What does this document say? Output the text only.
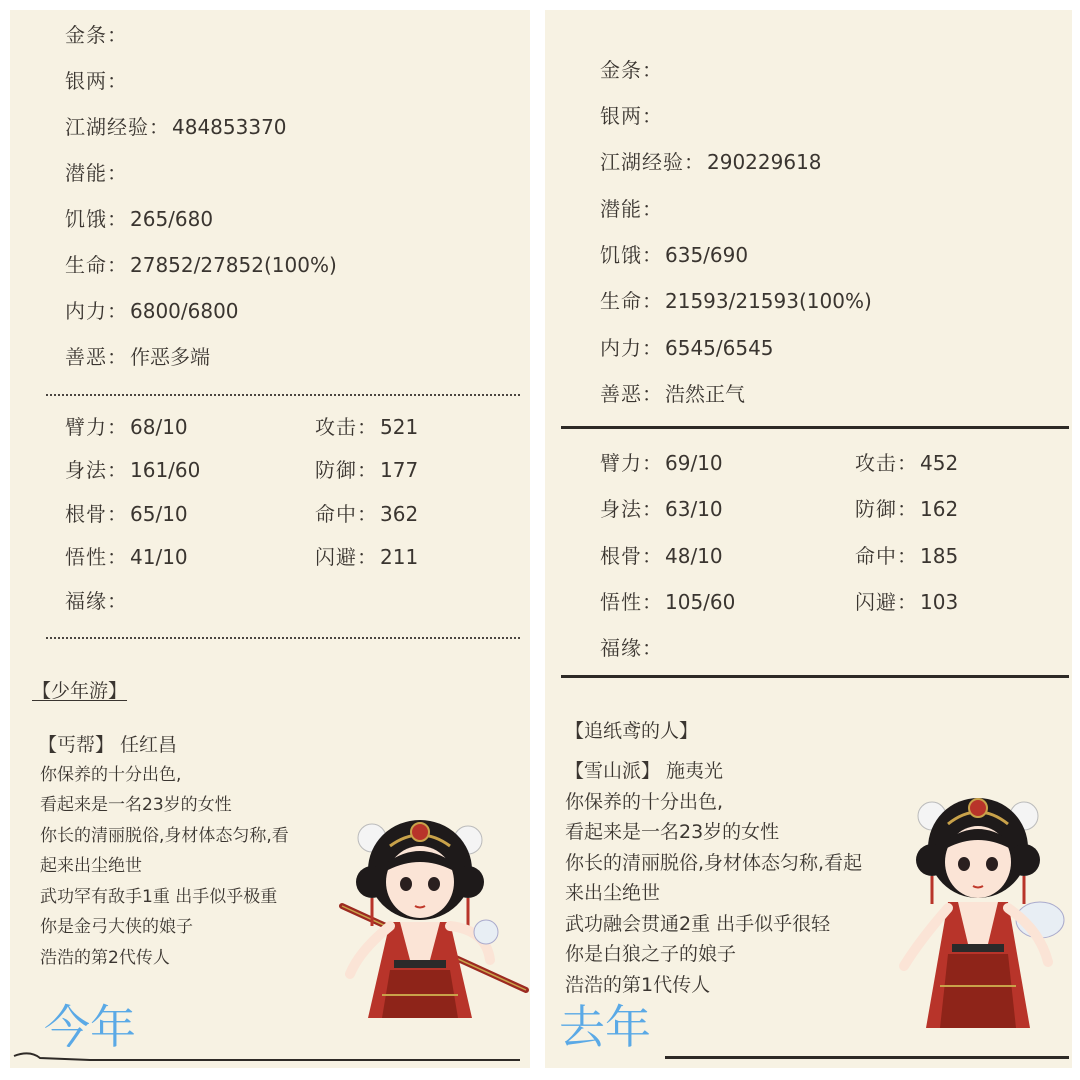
金条：
银两：
江湖经验： 484853370
潜能：
饥饿： 265/680
生命： 27852/27852(100%)
内力： 6800/6800
善恶： 作恶多端
臂力： 68/10
身法： 161/60
根骨： 65/10
悟性： 41/10
福缘：
攻击： 521
防御： 177
命中： 362
闪避： 211
【少年游】
【丐帮】 任红昌
你保养的十分出色,
看起来是一名23岁的女性
你长的清丽脱俗,身材体态匀称,看
起来出尘绝世
武功罕有敌手1重 出手似乎极重
你是金弓大侠的娘子
浩浩的第2代传人
今年
金条：
银两：
江湖经验： 290229618
潜能：
饥饿： 635/690
生命： 21593/21593(100%)
内力： 6545/6545
善恶： 浩然正气
臂力： 69/10
身法： 63/10
根骨： 48/10
悟性： 105/60
福缘：
攻击： 452
防御： 162
命中： 185
闪避： 103
【追纸鸢的人】
【雪山派】 施夷光
你保养的十分出色,
看起来是一名23岁的女性
你长的清丽脱俗,身材体态匀称,看起
来出尘绝世
武功融会贯通2重 出手似乎很轻
你是白狼之子的娘子
浩浩的第1代传人
去年
